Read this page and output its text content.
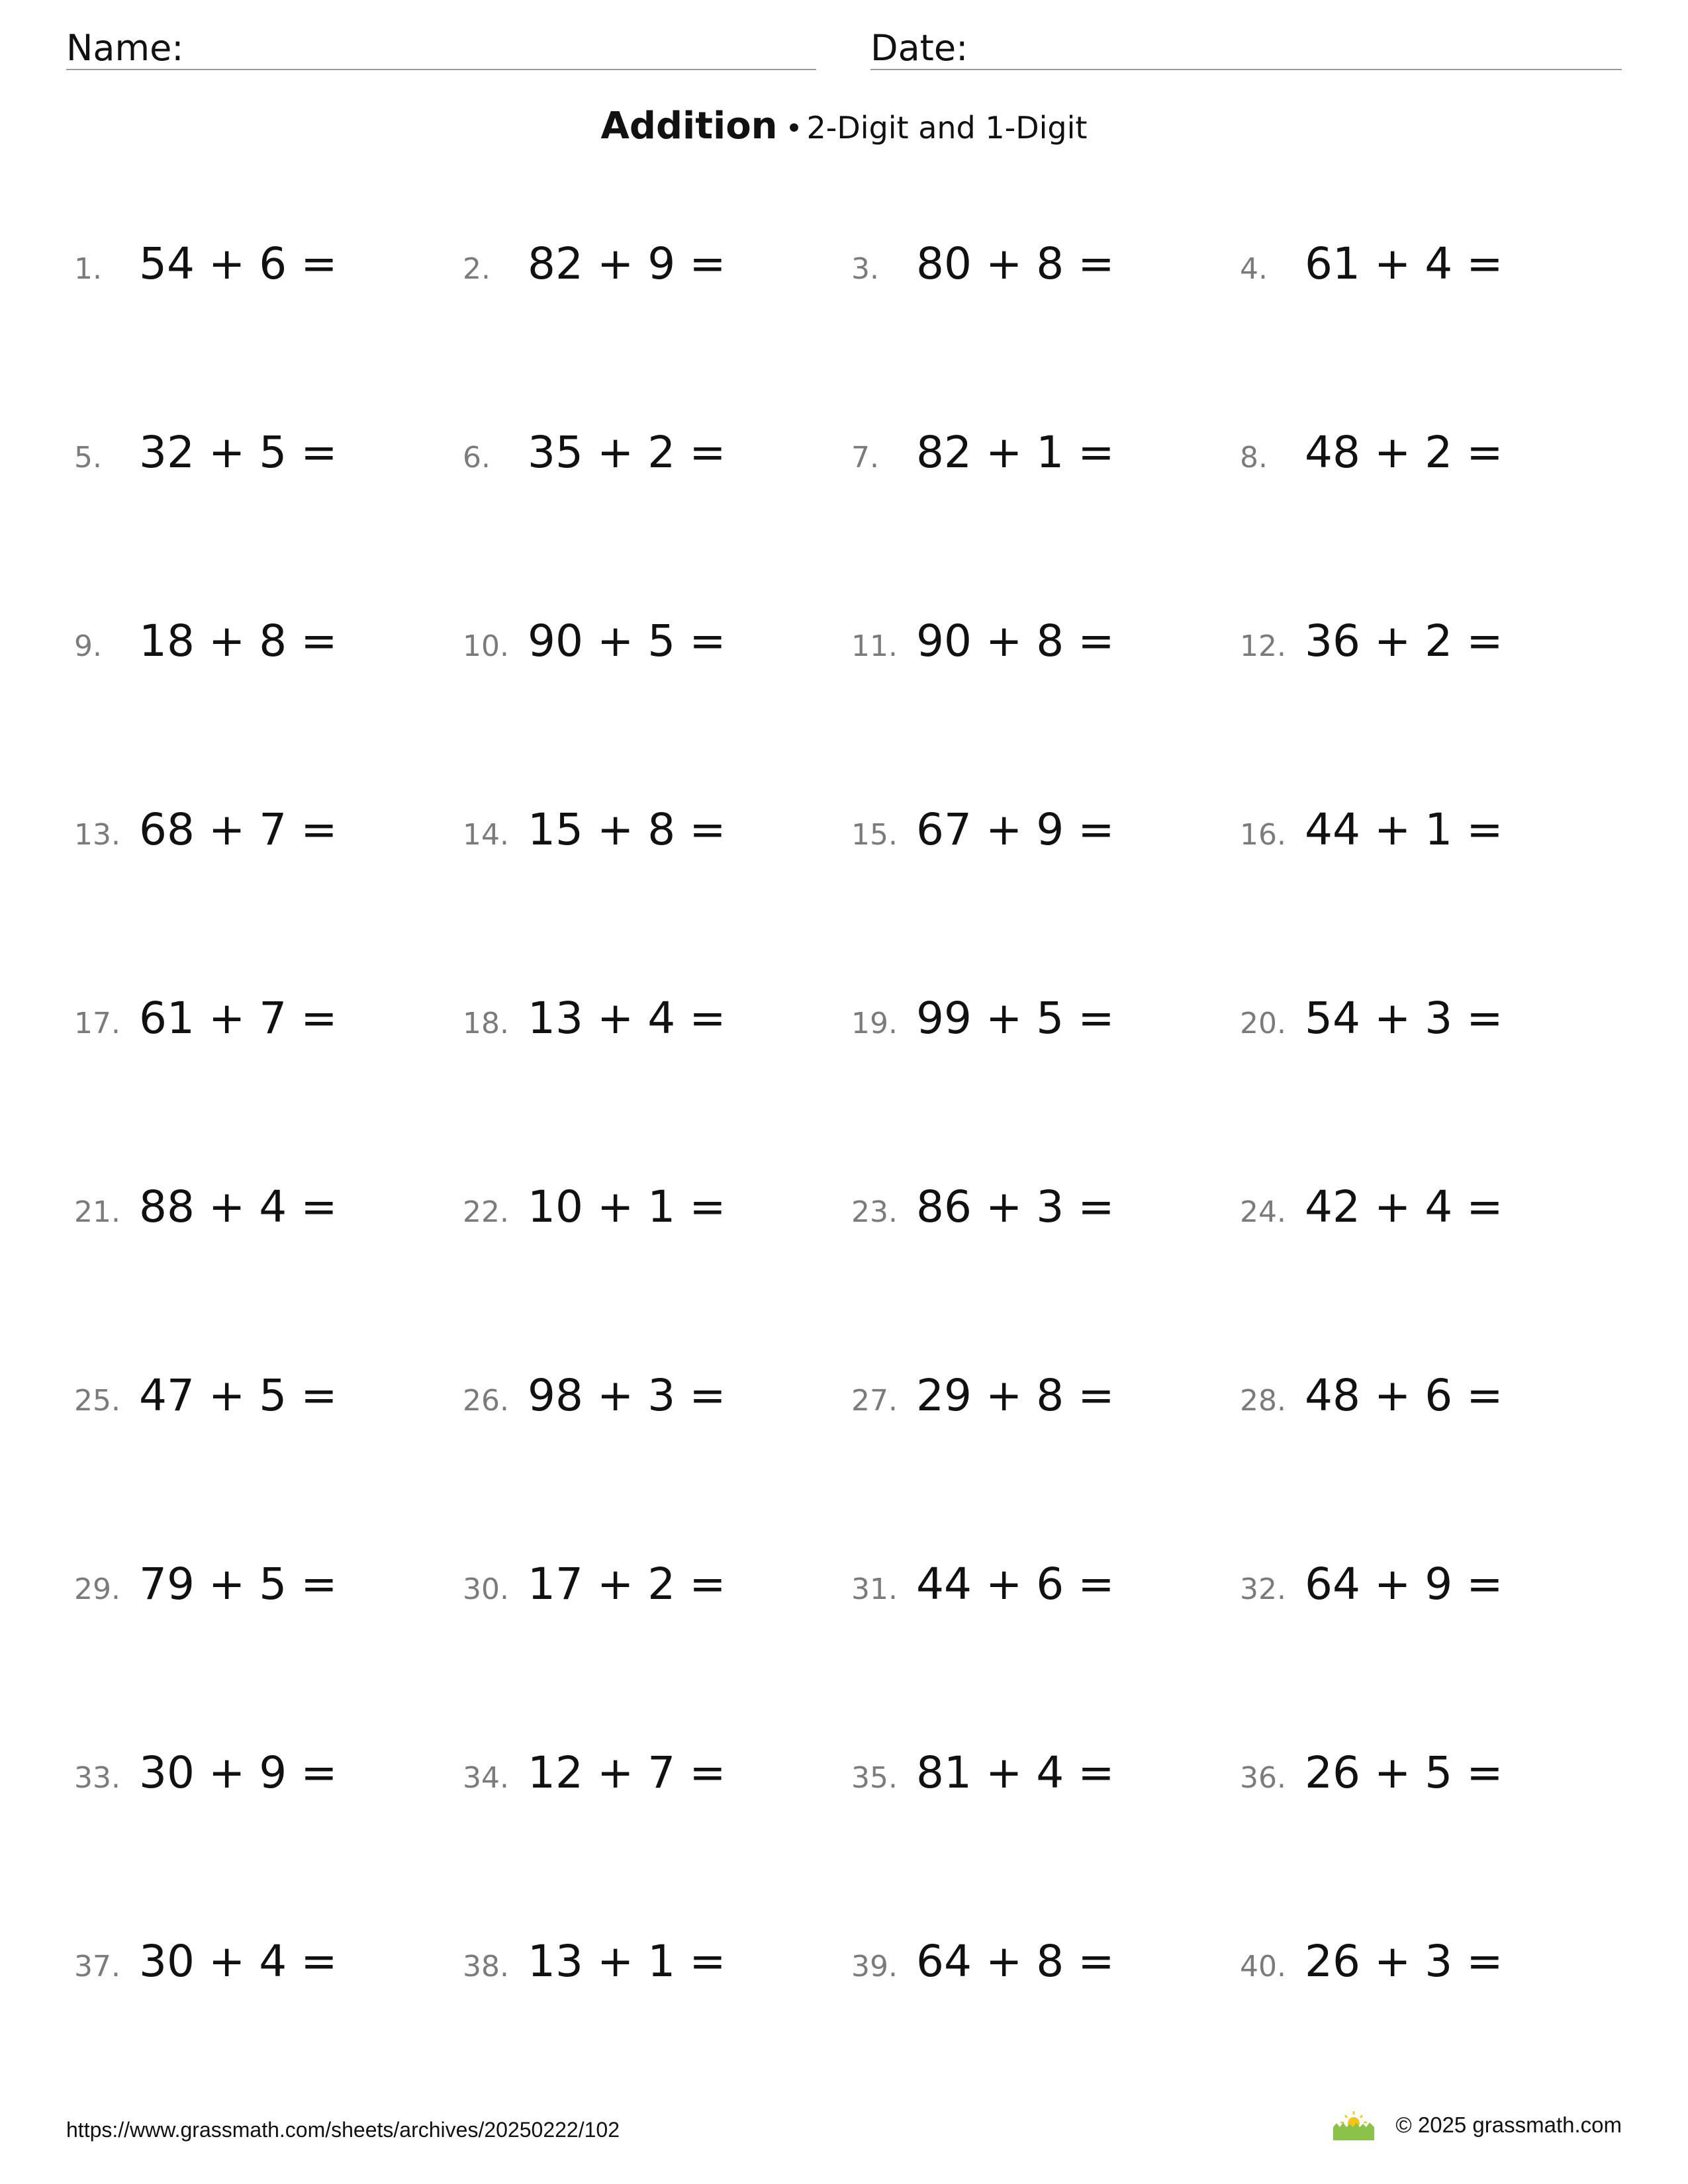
Name:	Date:
Addition • 2-Digit and 1-Digit
1. 54 + 6 =	2. 82 + 9 =	3. 80 + 8 =	4. 61 + 4 =
5. 32 + 5 =	6. 35 + 2 =	7. 82 + 1 =	8. 48 + 2 =
9. 18 + 8 =	10. 90 + 5 =	11. 90 + 8 =	12. 36 + 2 =
13. 68 + 7 =	14. 15 + 8 =	15. 67 + 9 =	16. 44 + 1 =
17. 61 + 7 =	18. 13 + 4 =	19. 99 + 5 =	20. 54 + 3 =
21. 88 + 4 =	22. 10 + 1 =	23. 86 + 3 =	24. 42 + 4 =
25. 47 + 5 =	26. 98 + 3 =	27. 29 + 8 =	28. 48 + 6 =
29. 79 + 5 =	30. 17 + 2 =	31. 44 + 6 =	32. 64 + 9 =
33. 30 + 9 =	34. 12 + 7 =	35. 81 + 4 =	36. 26 + 5 =
37. 30 + 4 =	38. 13 + 1 =	39. 64 + 8 =	40. 26 + 3 =
https://www.grassmath.com/sheets/archives/20250222/102	© 2025 grassmath.com
